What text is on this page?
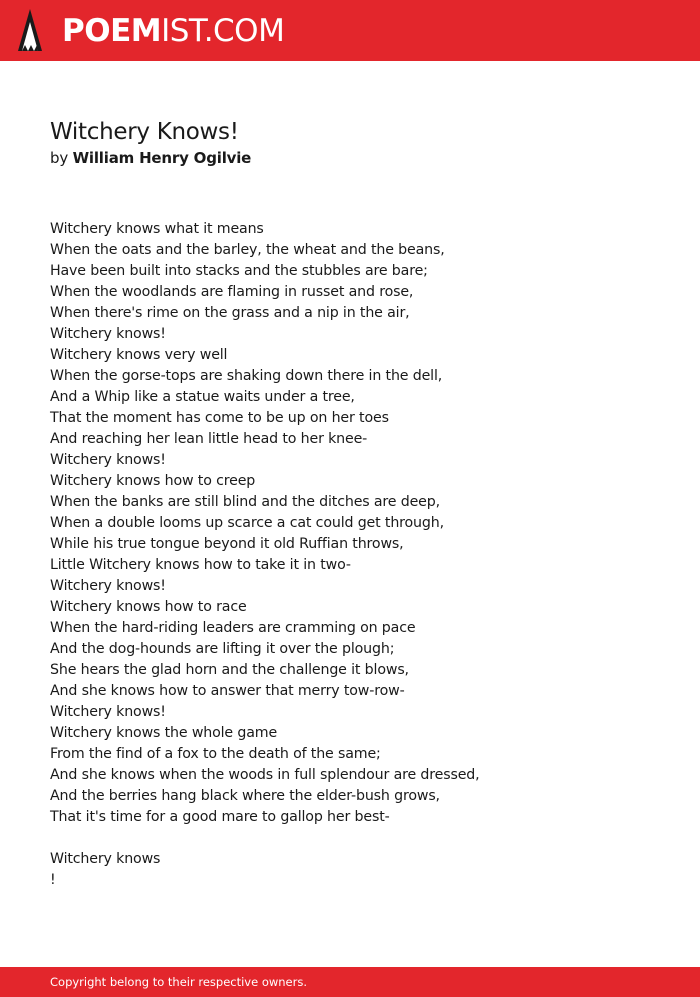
POEMIST.COM
Witchery Knows!
by William Henry Ogilvie
Witchery knows what it means
When the oats and the barley, the wheat and the beans,
Have been built into stacks and the stubbles are bare;
When the woodlands are flaming in russet and rose,
When there's rime on the grass and a nip in the air,
Witchery knows!
Witchery knows very well
When the gorse-tops are shaking down there in the dell,
And a Whip like a statue waits under a tree,
That the moment has come to be up on her toes
And reaching her lean little head to her knee-
Witchery knows!
Witchery knows how to creep
When the banks are still blind and the ditches are deep,
When a double looms up scarce a cat could get through,
While his true tongue beyond it old Ruffian throws,
Little Witchery knows how to take it in two-
Witchery knows!
Witchery knows how to race
When the hard-riding leaders are cramming on pace
And the dog-hounds are lifting it over the plough;
She hears the glad horn and the challenge it blows,
And she knows how to answer that merry tow-row-
Witchery knows!
Witchery knows the whole game
From the find of a fox to the death of the same;
And she knows when the woods in full splendour are dressed,
And the berries hang black where the elder-bush grows,
That it's time for a good mare to gallop her best-
Witchery knows
!
Copyright belong to their respective owners.
